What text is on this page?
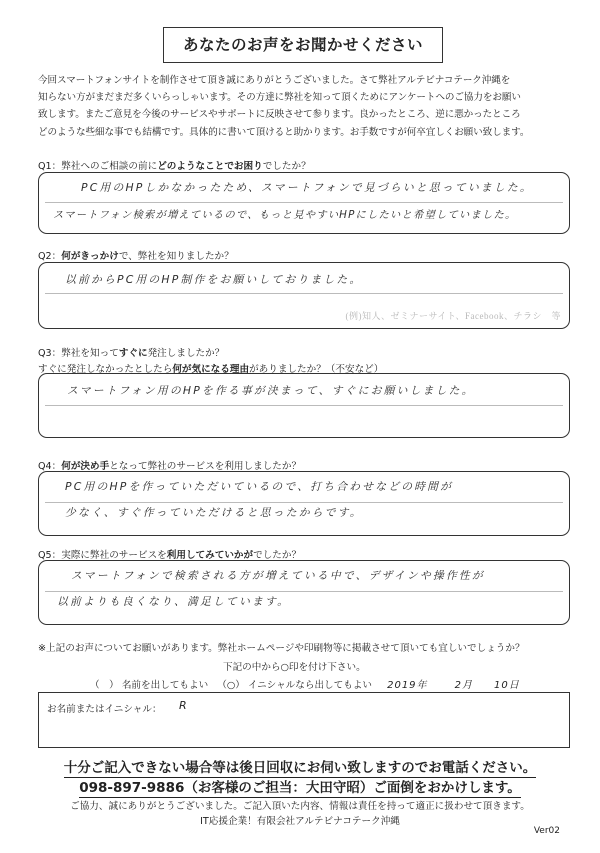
あなたのお声をお聞かせください
今回スマートフォンサイトを制作させて頂き誠にありがとうございました。さて弊社アルテビナコテーク沖縄を
知らない方がまだまだ多くいらっしゃいます。その方達に弊社を知って頂くためにアンケートへのご協力をお願い
致します。またご意見を今後のサービスやサポートに反映させて参ります。良かったところ、逆に悪かったところ
どのような些細な事でも結構です。具体的に書いて頂けると助かります。お手数ですが何卒宜しくお願い致します。
Q1：弊社へのご相談の前にどのようなことでお困りでしたか？
PC用のHPしかなかったため、スマートフォンで見づらいと思っていました。
スマートフォン検索が増えているので、もっと見やすいHPにしたいと希望していました。
Q2：何がきっかけで、弊社を知りましたか？
以前からPC用のHP制作をお願いしておりました。
(例)知人、ゼミナーサイト、Facebook、チラシ　等
Q3：弊社を知ってすぐに発注しましたか？
すぐに発注しなかったとしたら何が気になる理由がありましたか？（不安など）
スマートフォン用のHPを作る事が決まって、すぐにお願いしました。
Q4：何が決め手となって弊社のサービスを利用しましたか？
PC用のHPを作っていただいているので、打ち合わせなどの時間が
少なく、すぐ作っていただけると思ったからです。
Q5：実際に弊社のサービスを利用してみていかがでしたか？
スマートフォンで検索される方が増えている中で、デザインや操作性が
以前よりも良くなり、満足しています。
※上記のお声についてお願いがあります。弊社ホームページや印刷物等に掲載させて頂いても宜しいでしょうか？
下記の中から○印を付け下さい。
（　） 名前を出してもよい （○） イニシャルなら出してもよい 2019年	2月 10日
お名前またはイニシャル： R
十分ご記入できない場合等は後日回収にお伺い致しますのでお電話ください。
098-897-9886（お客様のご担当：大田守昭）ご面倒をおかけします。
ご協力、誠にありがとうございました。ご記入頂いた内容、情報は責任を持って適正に扱わせて頂きます。
IT応援企業！有限会社アルテビナコテーク沖縄
Ver02
